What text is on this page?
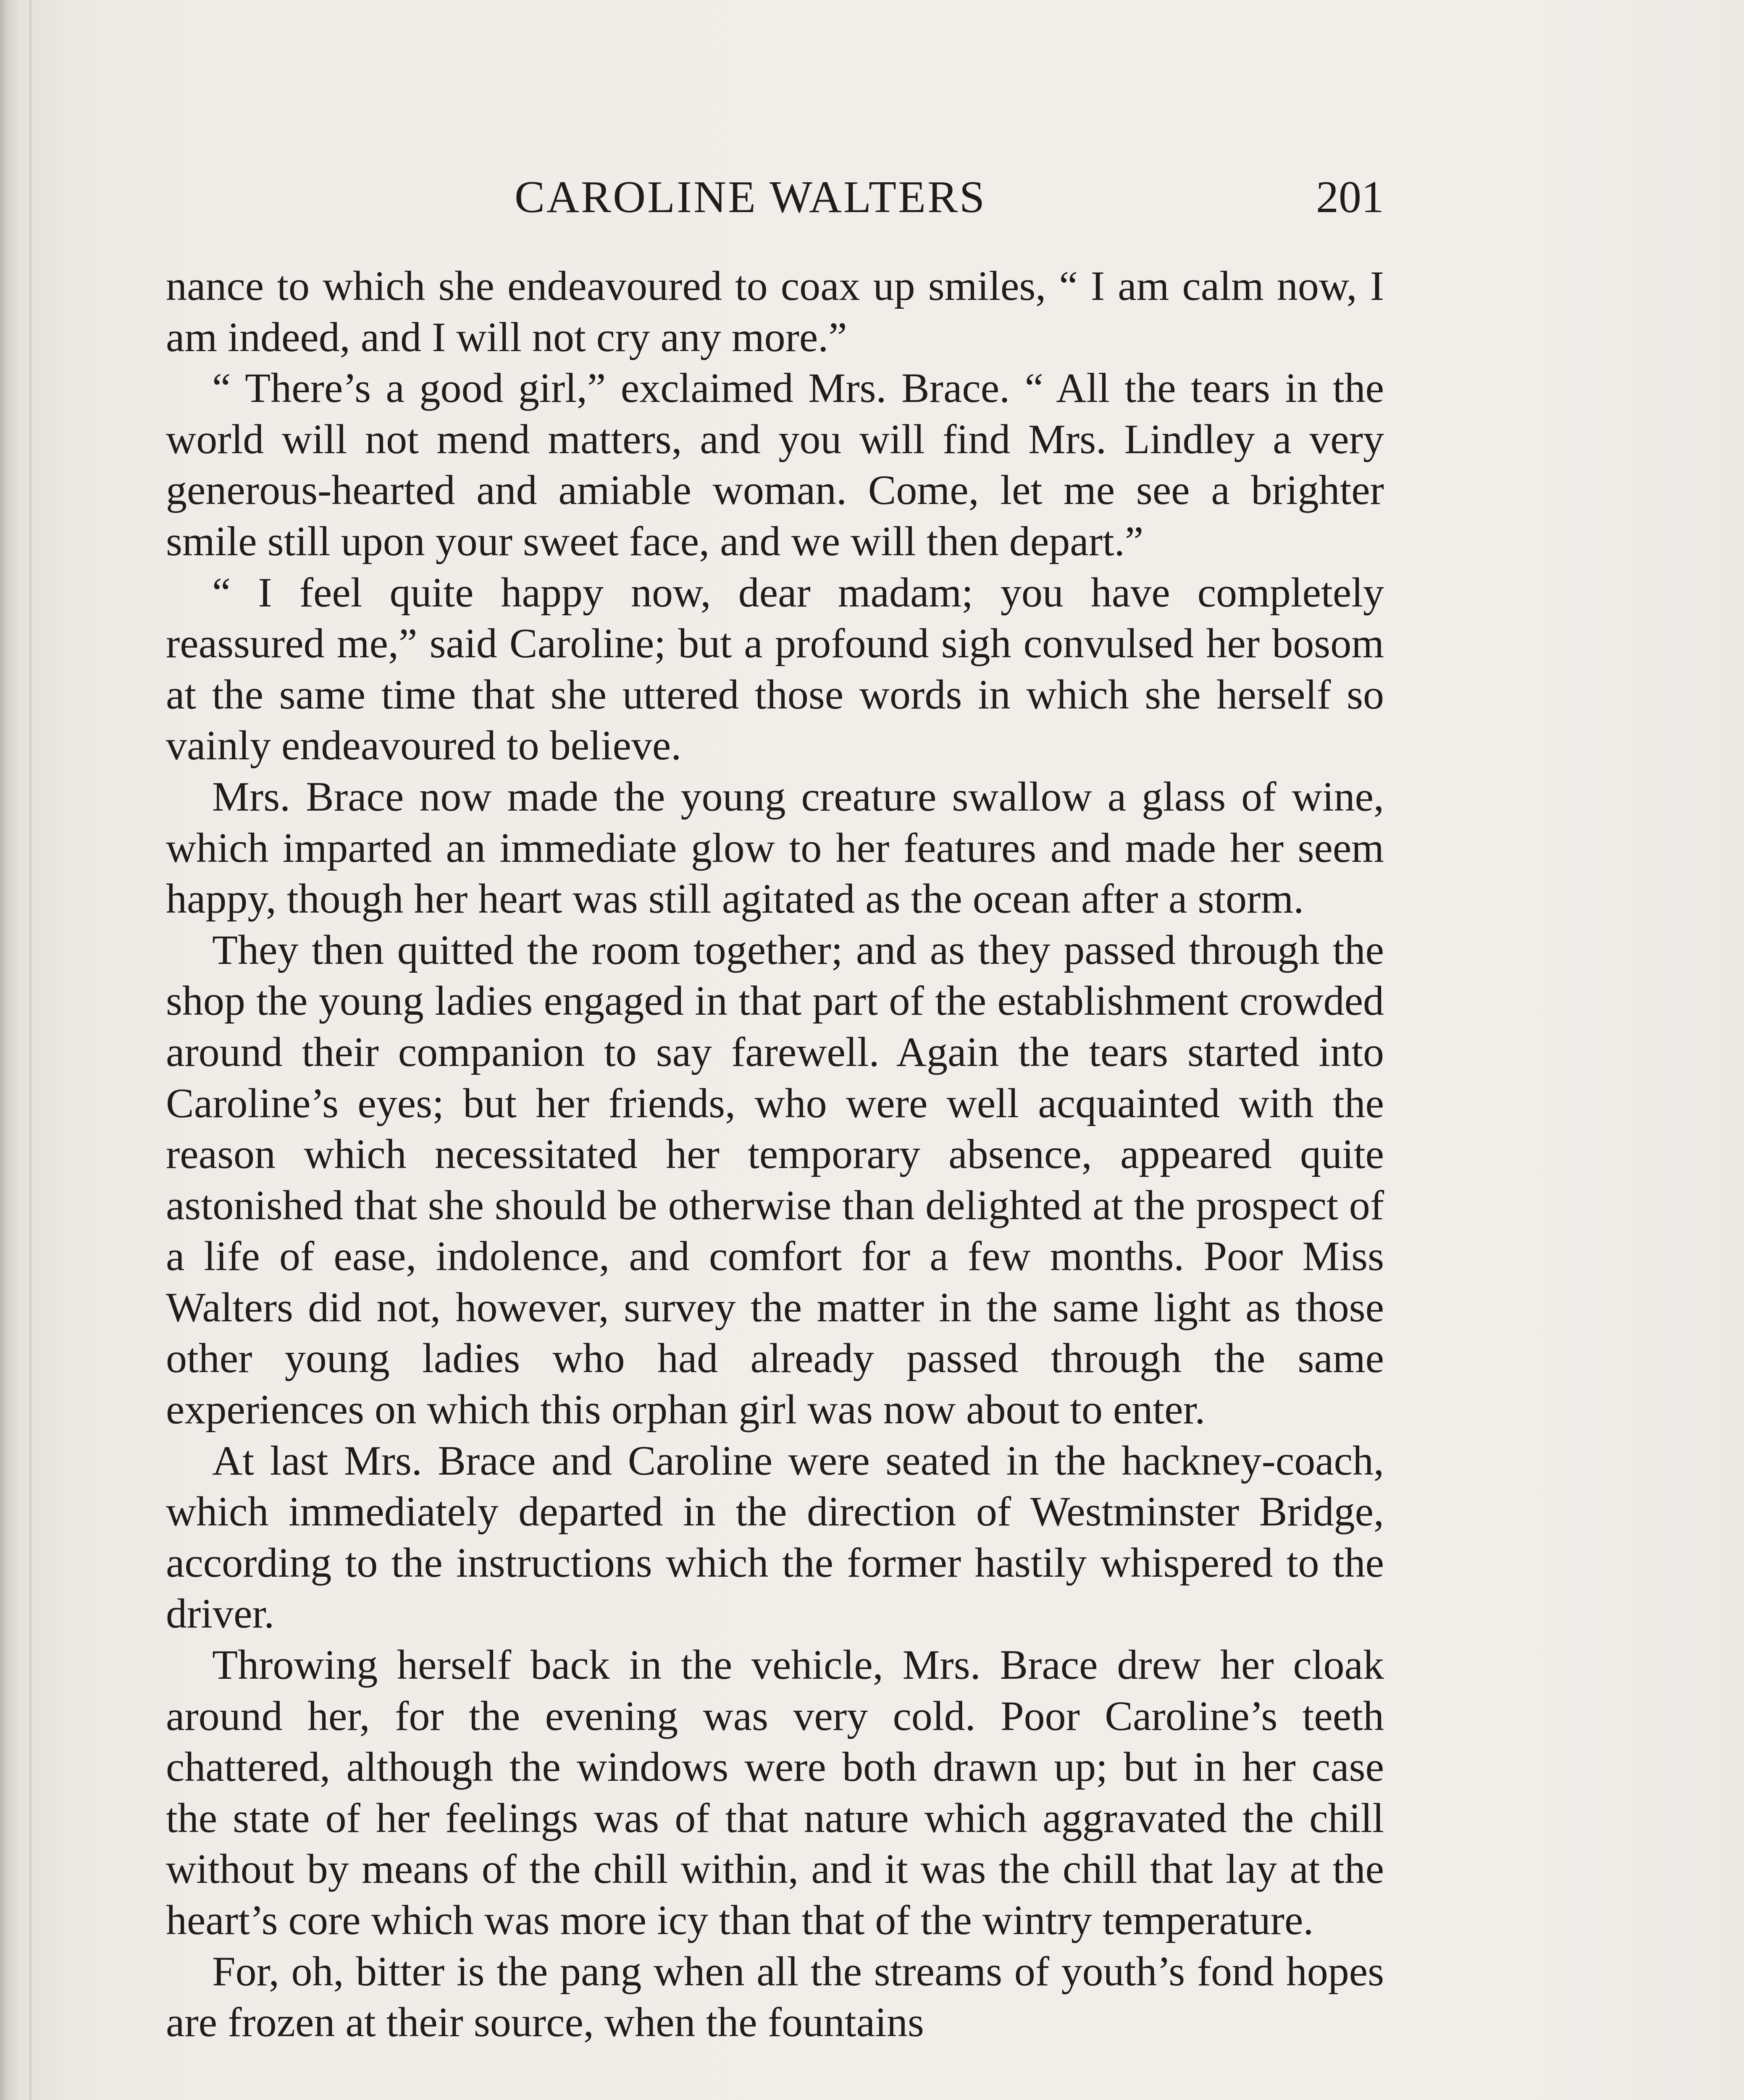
CAROLINE WALTERS	201

nance to which she endeavoured to coax up smiles, “ I am calm now, I am indeed, and I will not cry any more.”

“ There’s a good girl,” exclaimed Mrs. Brace. “ All the tears in the world will not mend matters, and you will find Mrs. Lindley a very generous-hearted and amiable woman. Come, let me see a brighter smile still upon your sweet face, and we will then depart.”

“ I feel quite happy now, dear madam; you have completely reassured me,” said Caroline; but a profound sigh convulsed her bosom at the same time that she uttered those words in which she herself so vainly endeavoured to believe.

Mrs. Brace now made the young creature swallow a glass of wine, which imparted an immediate glow to her features and made her seem happy, though her heart was still agitated as the ocean after a storm.

They then quitted the room together; and as they passed through the shop the young ladies engaged in that part of the establishment crowded around their companion to say farewell. Again the tears started into Caroline’s eyes; but her friends, who were well acquainted with the reason which necessitated her temporary absence, appeared quite astonished that she should be otherwise than delighted at the prospect of a life of ease, indolence, and comfort for a few months. Poor Miss Walters did not, however, survey the matter in the same light as those other young ladies who had already passed through the same experiences on which this orphan girl was now about to enter.

At last Mrs. Brace and Caroline were seated in the hackney-coach, which immediately departed in the direction of Westminster Bridge, according to the instructions which the former hastily whispered to the driver.

Throwing herself back in the vehicle, Mrs. Brace drew her cloak around her, for the evening was very cold. Poor Caroline’s teeth chattered, although the windows were both drawn up; but in her case the state of her feelings was of that nature which aggravated the chill without by means of the chill within, and it was the chill that lay at the heart’s core which was more icy than that of the wintry temperature.

For, oh, bitter is the pang when all the streams of youth’s fond hopes are frozen at their source, when the fountains
